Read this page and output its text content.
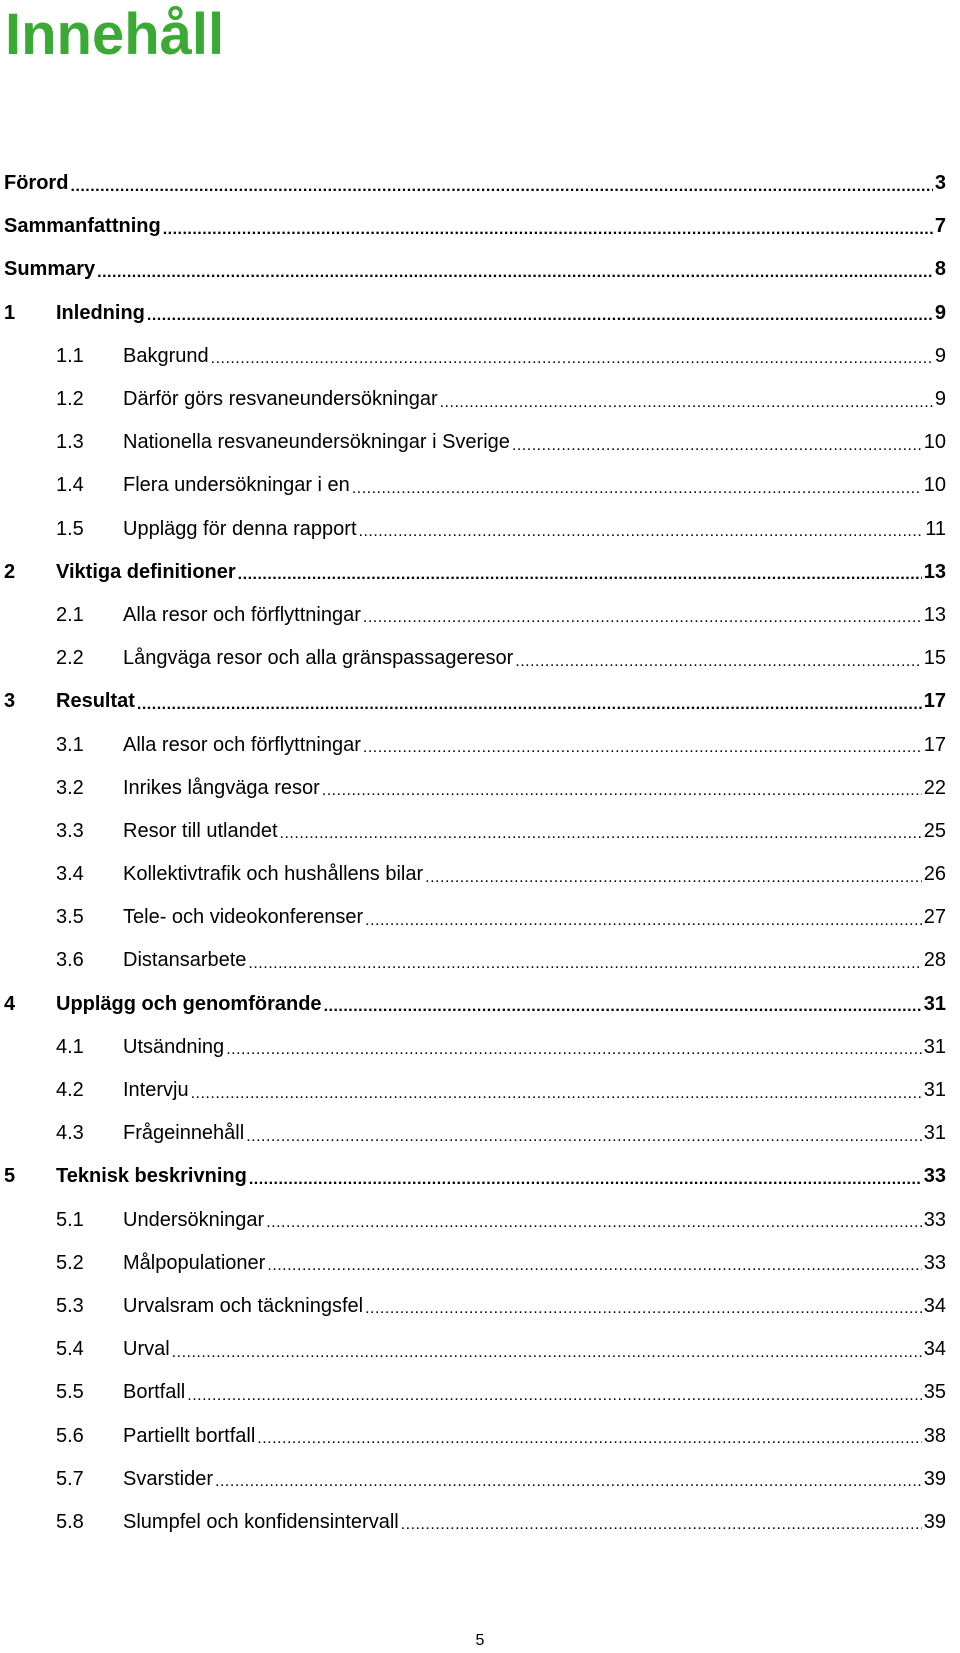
Innehåll
Förord .....	3
Sammanfattning .....	7
Summary .....	8
1	Inledning .....	9
1.1	Bakgrund .....	9
1.2	Därför görs resvaneundersökningar .....	9
1.3	Nationella resvaneundersökningar i Sverige .....	10
1.4	Flera undersökningar i en .....	10
1.5	Upplägg för denna rapport .....	11
2	Viktiga definitioner .....	13
2.1	Alla resor och förflyttningar .....	13
2.2	Långväga resor och alla gränspassageresor .....	15
3	Resultat .....	17
3.1	Alla resor och förflyttningar .....	17
3.2	Inrikes långväga resor .....	22
3.3	Resor till utlandet .....	25
3.4	Kollektivtrafik och hushållens bilar .....	26
3.5	Tele- och videokonferenser .....	27
3.6	Distansarbete .....	28
4	Upplägg och genomförande .....	31
4.1	Utsändning .....	31
4.2	Intervju .....	31
4.3	Frågeinnehåll .....	31
5	Teknisk beskrivning .....	33
5.1	Undersökningar .....	33
5.2	Målpopulationer .....	33
5.3	Urvalsram och täckningsfel .....	34
5.4	Urval .....	34
5.5	Bortfall .....	35
5.6	Partiellt bortfall .....	38
5.7	Svarstider .....	39
5.8	Slumpfel och konfidensintervall .....	39
5
